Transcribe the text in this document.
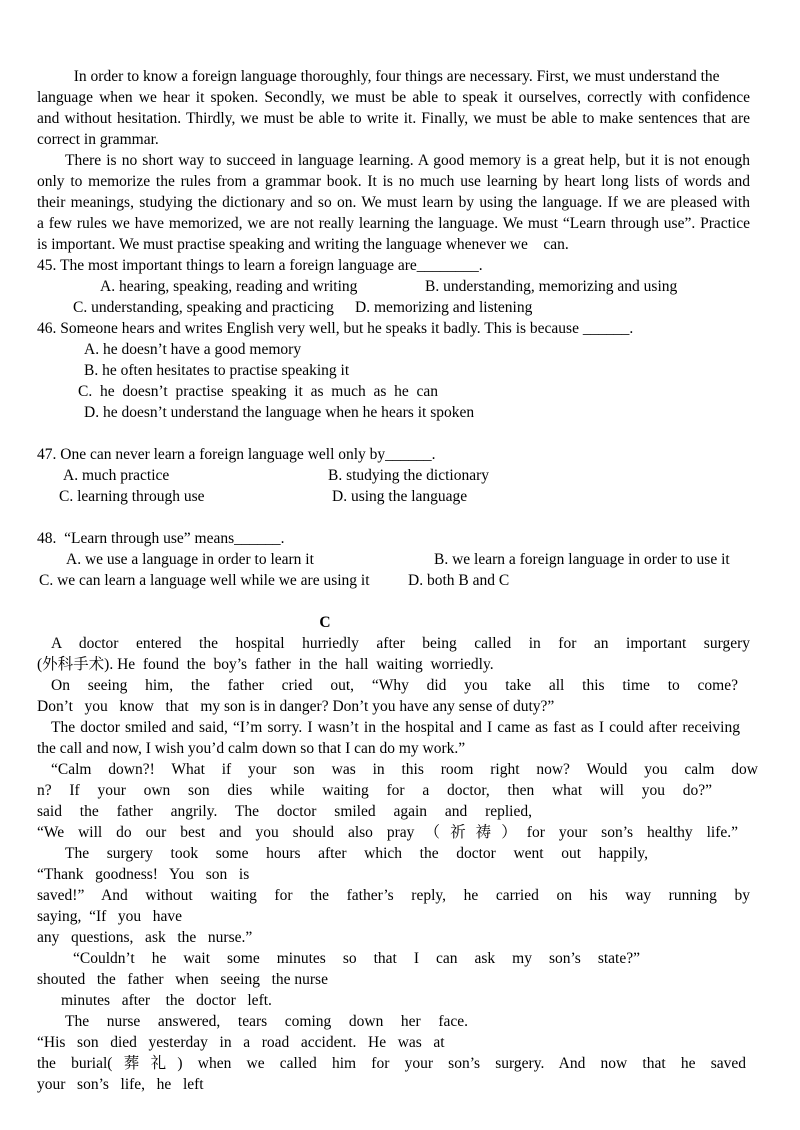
In order to know a foreign language thoroughly, four things are necessary. First, we must understand the
language when we hear it spoken. Secondly, we must be able to speak it ourselves, correctly with confidence
and without hesitation. Thirdly, we must be able to write it. Finally, we must be able to make sentences that are
correct in grammar.
There is no short way to succeed in language learning. A good memory is a great help, but it is not enough
only to memorize the rules from a grammar book. It is no much use learning by heart long lists of words and
their meanings, studying the dictionary and so on. We must learn by using the language. If we are pleased with
a few rules we have memorized, we are not really learning the language. We must “Learn through use”. Practice
is important. We must practise speaking and writing the language whenever we    can.
45. The most important things to learn a foreign language are________.
A. hearing, speaking, reading and writing	B. understanding, memorizing and using
C. understanding, speaking and practicing D. memorizing and listening
46. Someone hears and writes English very well, but he speaks it badly. This is because ______.
A. he doesn’t have a good memory
B. he often hesitates to practise speaking it
C.  he  doesn’t  practise  speaking  it  as  much  as  he  can
D. he doesn’t understand the language when he hears it spoken
47. One can never learn a foreign language well only by______.
A. much practice	B. studying the dictionary
C. learning through use	D. using the language
48.  “Learn through use” means______.
A. we use a language in order to learn it	B. we learn a foreign language in order to use it
C. we can learn a language well while we are using it D. both B and C
C
A doctor entered the hospital hurriedly after being called in for an important surgery
(外科手术). He  found  the  boy’s  father  in  the  hall  waiting  worriedly.
On seeing him, the father cried out, “Why did you take all this time to come?
Don’t   you   know   that   my son is in danger? Don’t you have any sense of duty?”
The doctor smiled and said, “I’m sorry. I wasn’t in the hospital and I came as fast as I could after receiving
the call and now, I wish you’d calm down so that I can do my work.”
“Calm down?! What if your son was in this room right now? Would you calm dow
n? If your own son dies while waiting for a doctor, then what will you do?”
said the father angrily. The doctor smiled again and replied,
“We will do our best and you should also pray（祈祷）for your son’s healthy life.”
The surgery took some hours after which the doctor went out happily,
“Thank   goodness!   You   son   is
saved!” And without waiting for the father’s reply, he carried on his way running by
saying,  “If   you   have
any   questions,   ask   the   nurse.”
“Couldn’t he wait some minutes so that I can ask my son’s state?”
shouted   the   father   when   seeing   the nurse
minutes   after    the   doctor   left.
The nurse answered, tears coming down her face.
“His   son   died   yesterday   in   a   road   accident.   He   was   at
the burial(葬礼) when we called him for your son’s surgery. And now that he saved
your   son’s   life,   he   left
